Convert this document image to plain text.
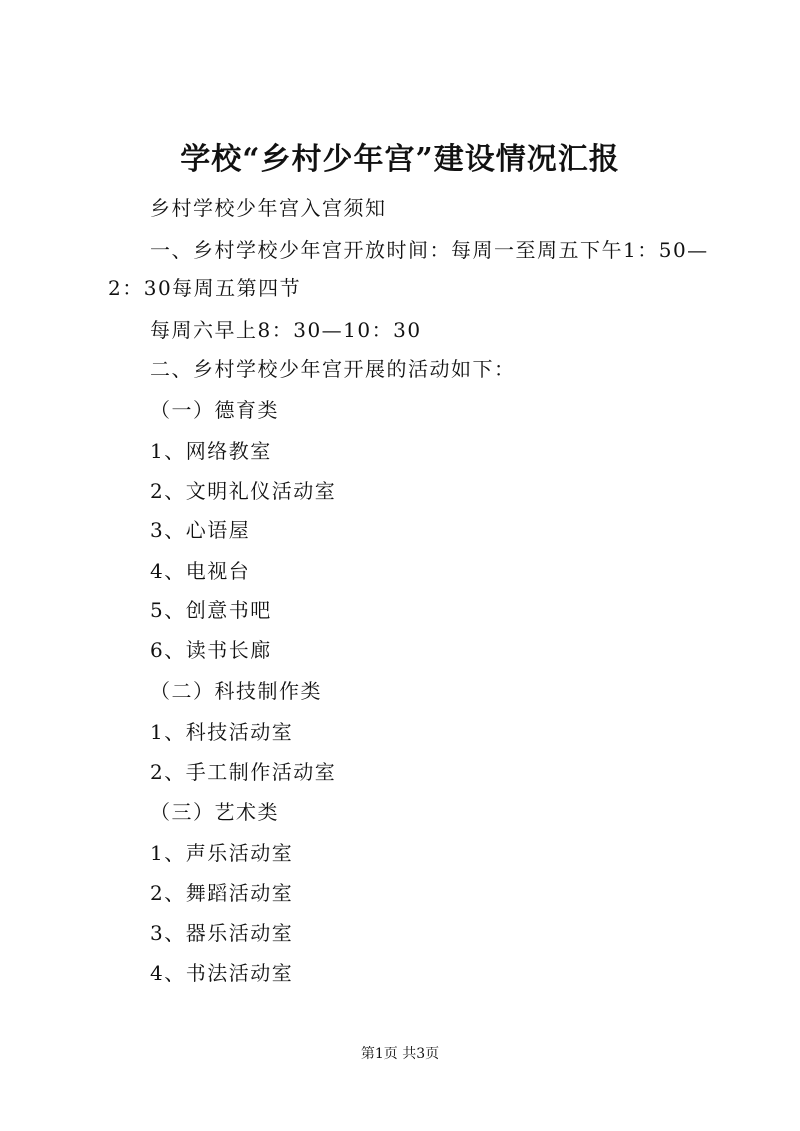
学校“乡村少年宫”建设情况汇报
乡村学校少年宫入宫须知
一、乡村学校少年宫开放时间：每周一至周五下午1：50—
2：30每周五第四节
每周六早上8：30—10：30
二、乡村学校少年宫开展的活动如下：
（一）德育类
1、网络教室
2、文明礼仪活动室
3、心语屋
4、电视台
5、创意书吧
6、读书长廊
（二）科技制作类
1、科技活动室
2、手工制作活动室
（三）艺术类
1、声乐活动室
2、舞蹈活动室
3、器乐活动室
4、书法活动室
第1页 共3页
